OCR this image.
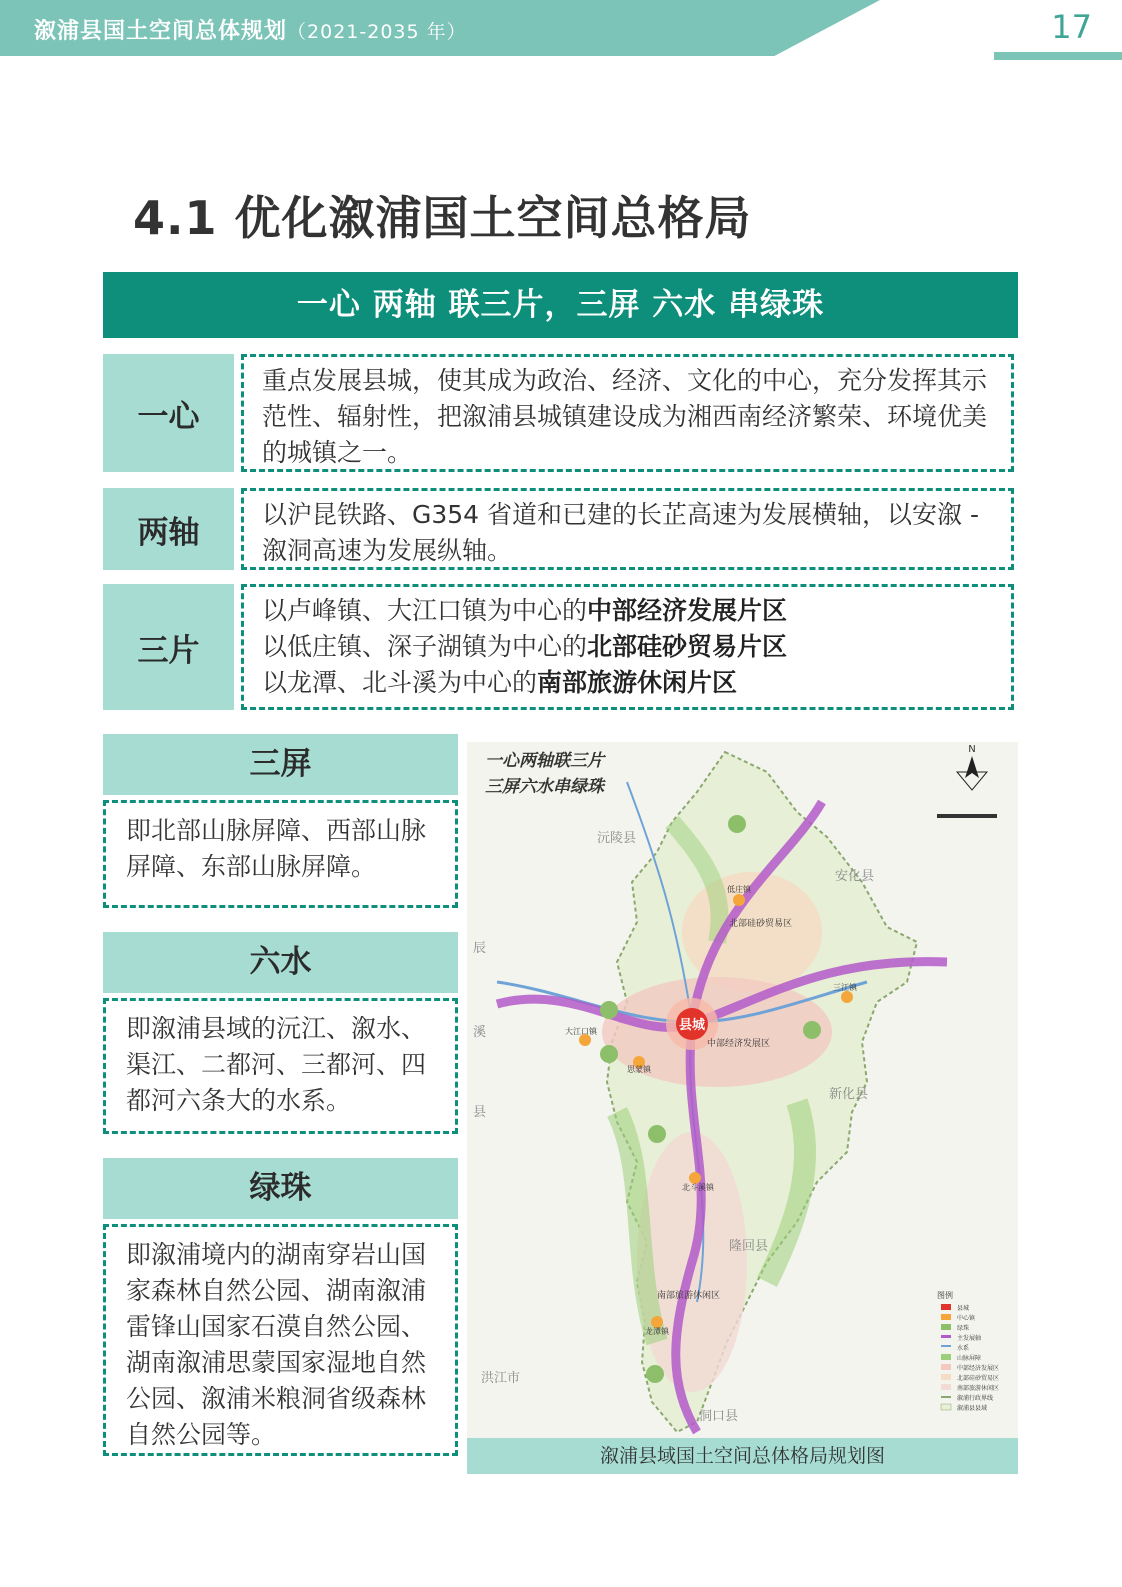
溆浦县国土空间总体规划（2021-2035 年）	17
4.1 优化溆浦国土空间总格局
一心 两轴 联三片，三屏 六水 串绿珠
一心
重点发展县城，使其成为政治、经济、文化的中心，充分发挥其示范性、辐射性，把溆浦县城镇建设成为湘西南经济繁荣、环境优美的城镇之一。
两轴	以沪昆铁路、G354 省道和已建的长芷高速为发展横轴，以安溆 - 溆洞高速为发展纵轴。
三片
以卢峰镇、大江口镇为中心的中部经济发展片区
以低庄镇、深子湖镇为中心的北部硅砂贸易片区
以龙潭、北斗溪为中心的南部旅游休闲片区
三屏
即北部山脉屏障、西部山脉屏障、东部山脉屏障。
六水
即溆浦县域的沅江、溆水、渠江、二都河、三都河、四都河六条大的水系。
绿珠
即溆浦境内的湖南穿岩山国家森林自然公园、湖南溆浦雷锋山国家石漠自然公园、湖南溆浦思蒙国家湿地自然公园、溆浦米粮洞省级森林自然公园等。
县城
一心两轴联三片
三屏六水串绿珠
N
沅陵县
安化县
辰
溪
县
新化县
隆回县
洪江市
洞口县
北部硅砂贸易区
中部经济发展区
南部旅游休闲区
低庄镇
三江镇
大江口镇
思蒙镇
北斗溪镇
龙潭镇
图例
县城
中心镇
绿珠
主发展轴
水系
山脉屏障
中部经济发展区
北部硅砂贸易区
南部旅游休闲区
溆浦行政界线
溆浦县县域
溆浦县域国土空间总体格局规划图
